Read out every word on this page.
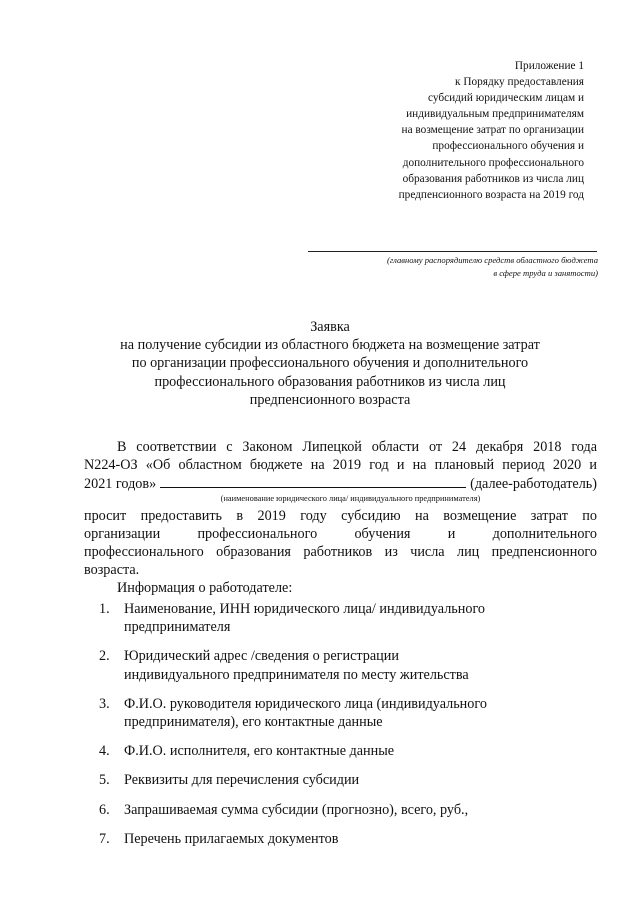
Приложение 1
к Порядку предоставления
субсидий юридическим лицам и
индивидуальным предпринимателям
на возмещение затрат по организации
профессионального обучения и
дополнительного профессионального
образования работников из числа лиц
предпенсионного возраста на 2019 год
(главному распорядителю средств областного бюджета
в сфере труда и занятости)
Заявка
на получение субсидии из областного бюджета на возмещение затрат
по организации профессионального обучения и дополнительного
профессионального образования работников из числа лиц
предпенсионного возраста
В соответствии с Законом Липецкой области от 24 декабря 2018 года
N224-ОЗ «Об областном бюджете на 2019 год и на плановый период 2020 и
2021 годов»	(далее-работодатель)
(наименование юридического лица/ индивидуального предпринимателя)
просит предоставить в 2019 году субсидию на возмещение затрат по
организации профессионального обучения и дополнительного
профессионального образования работников из числа лиц предпенсионного
возраста.
Информация о работодателе:
1.	Наименование, ИНН юридического лица/ индивидуального
предпринимателя
2.	Юридический адрес /сведения о регистрации
индивидуального предпринимателя по месту жительства
3.	Ф.И.О. руководителя юридического лица (индивидуального
предпринимателя), его контактные данные
4.	Ф.И.О. исполнителя, его контактные данные
5.	Реквизиты для перечисления субсидии
6.	Запрашиваемая сумма субсидии (прогнозно), всего, руб.,
7.	Перечень прилагаемых документов
